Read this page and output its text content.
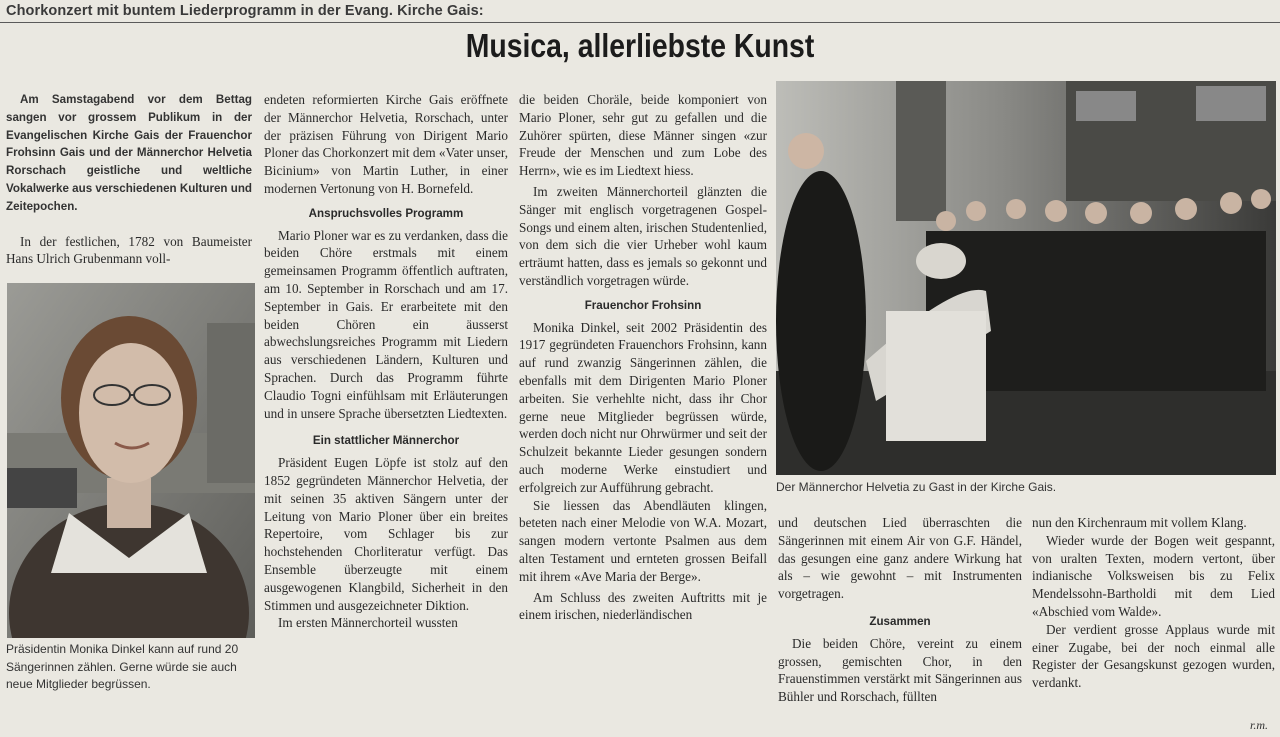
Chorkonzert mit buntem Liederprogramm in der Evang. Kirche Gais:
Musica, allerliebste Kunst

Am Samstagabend vor dem Bettag sangen vor grossem Publikum in der Evangelischen Kirche Gais der Frauenchor Frohsinn Gais und der Männerchor Helvetia Rorschach geistliche und weltliche Vokalwerke aus verschiedenen Kulturen und Zeitepochen.

In der festlichen, 1782 von Baumeister Hans Ulrich Grubenmann voll-

Präsidentin Monika Dinkel kann auf rund 20 Sängerinnen zählen. Gerne würde sie auch neue Mitglieder begrüssen.

endeten reformierten Kirche Gais eröffnete der Männerchor Helvetia, Rorschach, unter der präzisen Führung von Dirigent Mario Ploner das Chorkonzert mit dem «Vater unser, Bicinium» von Martin Luther, in einer modernen Vertonung von H. Bornefeld.

Anspruchsvolles Programm

Mario Ploner war es zu verdanken, dass die beiden Chöre erstmals mit einem gemeinsamen Programm öffentlich auftraten, am 10. September in Rorschach und am 17. September in Gais. Er erarbeitete mit den beiden Chören ein äusserst abwechslungsreiches Programm mit Liedern aus verschiedenen Ländern, Kulturen und Sprachen. Durch das Programm führte Claudio Togni einfühlsam mit Erläuterungen und in unsere Sprache übersetzten Liedtexten.

Ein stattlicher Männerchor

Präsident Eugen Löpfe ist stolz auf den 1852 gegründeten Männerchor Helvetia, der mit seinen 35 aktiven Sängern unter der Leitung von Mario Ploner über ein breites Repertoire, vom Schlager bis zur hochstehenden Chorliteratur verfügt. Das Ensemble überzeugte mit einem ausgewogenen Klangbild, Sicherheit in den Stimmen und ausgezeichneter Diktion.

Im ersten Männerchorteil wussten

die beiden Choräle, beide komponiert von Mario Ploner, sehr gut zu gefallen und die Zuhörer spürten, diese Männer singen «zur Freude der Menschen und zum Lobe des Herrn», wie es im Liedtext hiess.

Im zweiten Männerchorteil glänzten die Sänger mit englisch vorgetragenen Gospel-Songs und einem alten, irischen Studentenlied, von dem sich die vier Urheber wohl kaum erträumt hatten, dass es jemals so gekonnt und verständlich vorgetragen würde.

Frauenchor Frohsinn

Monika Dinkel, seit 2002 Präsidentin des 1917 gegründeten Frauenchors Frohsinn, kann auf rund zwanzig Sängerinnen zählen, die ebenfalls mit dem Dirigenten Mario Ploner arbeiten. Sie verhehlte nicht, dass ihr Chor gerne neue Mitglieder begrüssen würde, werden doch nicht nur Ohrwürmer und seit der Schulzeit bekannte Lieder gesungen sondern auch moderne Werke einstudiert und erfolgreich zur Aufführung gebracht.

Sie liessen das Abendläuten klingen, beteten nach einer Melodie von W.A. Mozart, sangen modern vertonte Psalmen aus dem alten Testament und ernteten grossen Beifall mit ihrem «Ave Maria der Berge».

Am Schluss des zweiten Auftritts mit je einem irischen, niederländischen

Der Männerchor Helvetia zu Gast in der Kirche Gais.

und deutschen Lied überraschten die Sängerinnen mit einem Air von G.F. Händel, das gesungen eine ganz andere Wirkung hat als – wie gewohnt – mit Instrumenten vorgetragen.

Zusammen

Die beiden Chöre, vereint zu einem grossen, gemischten Chor, in den Frauenstimmen verstärkt mit Sängerinnen aus Bühler und Rorschach, füllten

nun den Kirchenraum mit vollem Klang.

Wieder wurde der Bogen weit gespannt, von uralten Texten, modern vertont, über indianische Volksweisen bis zu Felix Mendelssohn-Bartholdi mit dem Lied «Abschied vom Walde».

Der verdient grosse Applaus wurde mit einer Zugabe, bei der noch einmal alle Register der Gesangskunst gezogen wurden, verdankt.

r.m.
